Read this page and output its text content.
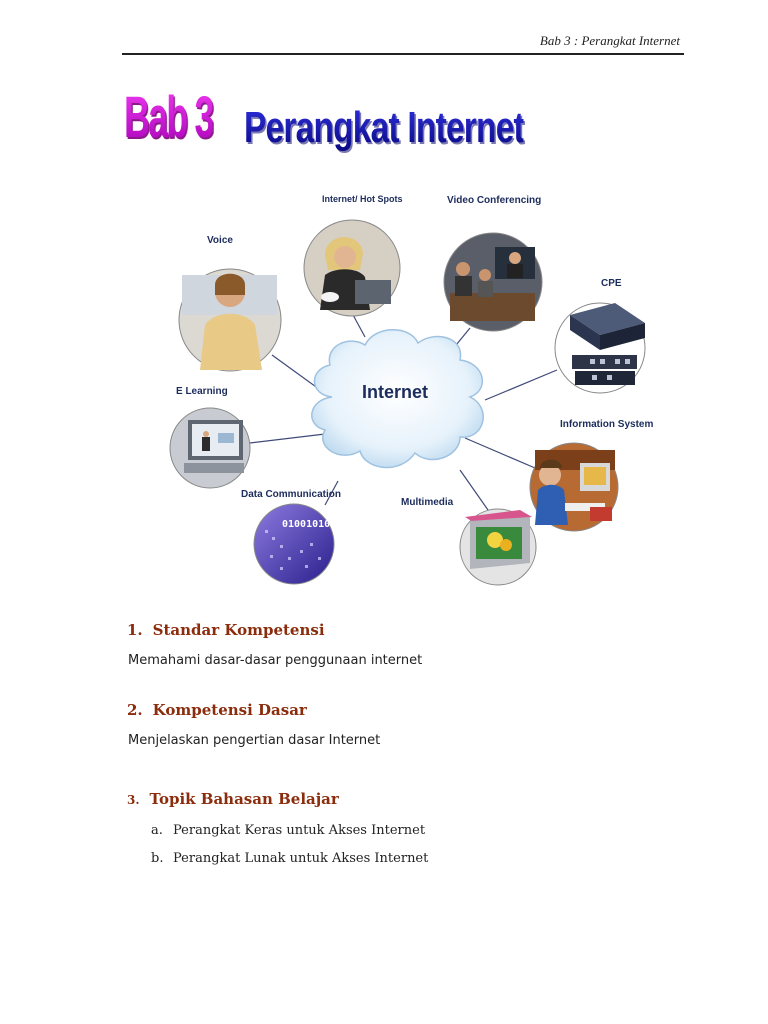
Bab 3 : Perangkat Internet
Bab 3 Perangkat Internet
01001010
Internet
Voice
Internet/ Hot Spots	Video Conferencing
CPE
E Learning
Information System
Data Communication
Multimedia
1. Standar Kompetensi
Memahami dasar-dasar penggunaan internet
2. Kompetensi Dasar
Menjelaskan pengertian dasar Internet
3. Topik Bahasan Belajar
a. Perangkat Keras untuk Akses Internet
b. Perangkat Lunak untuk Akses Internet
